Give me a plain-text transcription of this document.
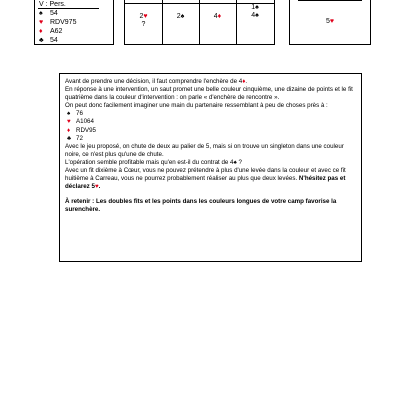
V : Pers.
♠ 54
♥ RDV975
♦ A62
♣ 54
2♥
?
2♠	4♦
1♠
4♠
5♥

Avant de prendre une décision, il faut comprendre l'enchère de 4♦.

En réponse à une intervention, un saut promet une belle couleur cinquième, une dizaine de points et le fit quatrième dans la couleur d'intervention : on parle « d'enchère de rencontre ».

On peut donc facilement imaginer une main du partenaire ressemblant à peu de choses près à :

♠ 76

♥ A1064

♦ RDV95

♣ 72

Avec le jeu proposé, on chute de deux au palier de 5, mais si on trouve un singleton dans une couleur noire, ce n'est plus qu'une de chute.

L'opération semble profitable mais qu'en est-il du contrat de 4♠ ?

Avec un fit dixième à Cœur, vous ne pouvez prétendre à plus d'une levée dans la couleur et avec ce fit huitième à Carreau, vous ne pourrez probablement réaliser au plus que deux levées. N'hésitez pas et déclarez 5♥.

À retenir : Les doubles fits et les points dans les couleurs longues de votre camp favorise la surenchère.
